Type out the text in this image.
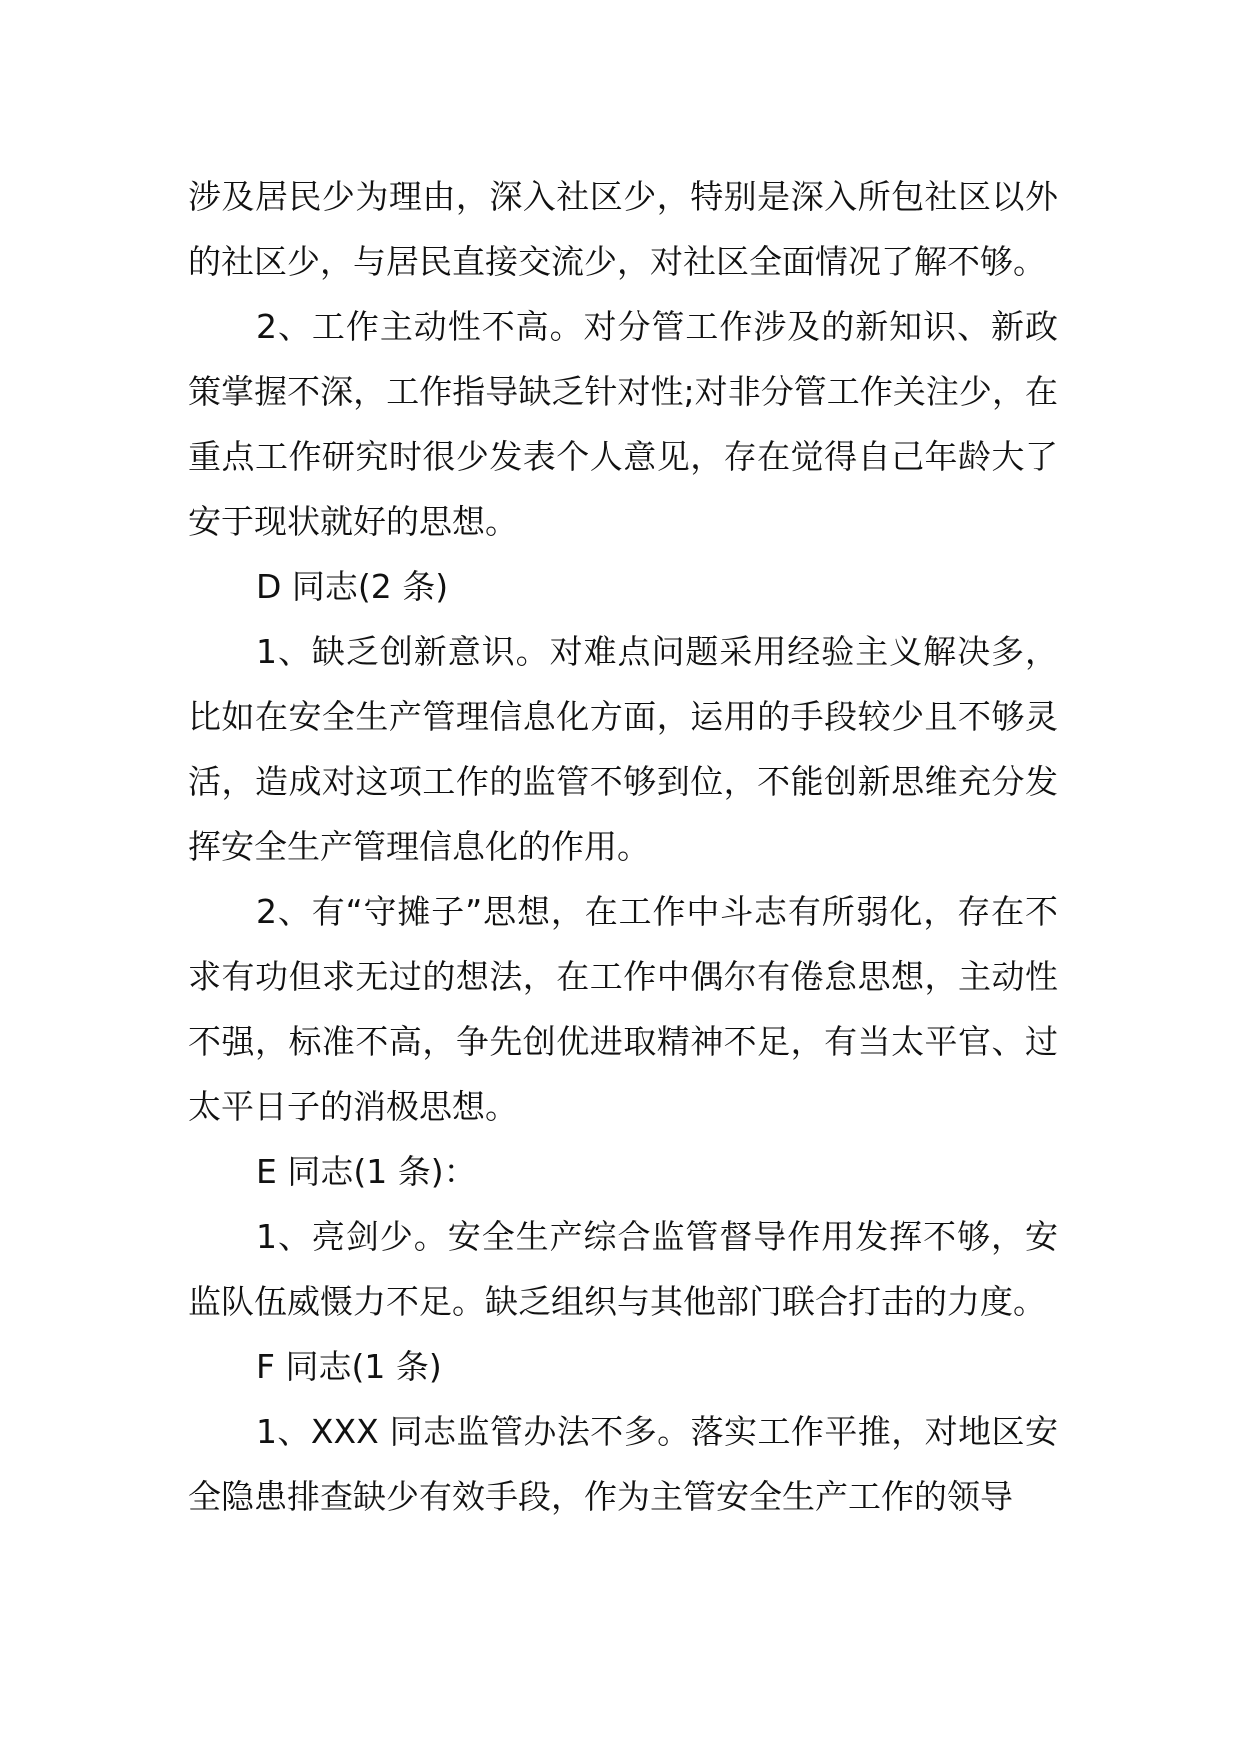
涉及居民少为理由，深入社区少，特别是深入所包社区以外的社区少，与居民直接交流少，对社区全面情况了解不够。

2、工作主动性不高。对分管工作涉及的新知识、新政策掌握不深，工作指导缺乏针对性;对非分管工作关注少，在重点工作研究时很少发表个人意见，存在觉得自己年龄大了安于现状就好的思想。

D 同志(2 条)

1、缺乏创新意识。对难点问题采用经验主义解决多，比如在安全生产管理信息化方面，运用的手段较少且不够灵活，造成对这项工作的监管不够到位，不能创新思维充分发挥安全生产管理信息化的作用。

2、有“守摊子”思想，在工作中斗志有所弱化，存在不求有功但求无过的想法，在工作中偶尔有倦怠思想，主动性不强，标准不高，争先创优进取精神不足，有当太平官、过太平日子的消极思想。

E 同志(1 条)：

1、亮剑少。安全生产综合监管督导作用发挥不够，安监队伍威慑力不足。缺乏组织与其他部门联合打击的力度。

F 同志(1 条)

1、XXX 同志监管办法不多。落实工作平推，对地区安全隐患排查缺少有效手段，作为主管安全生产工作的领导
